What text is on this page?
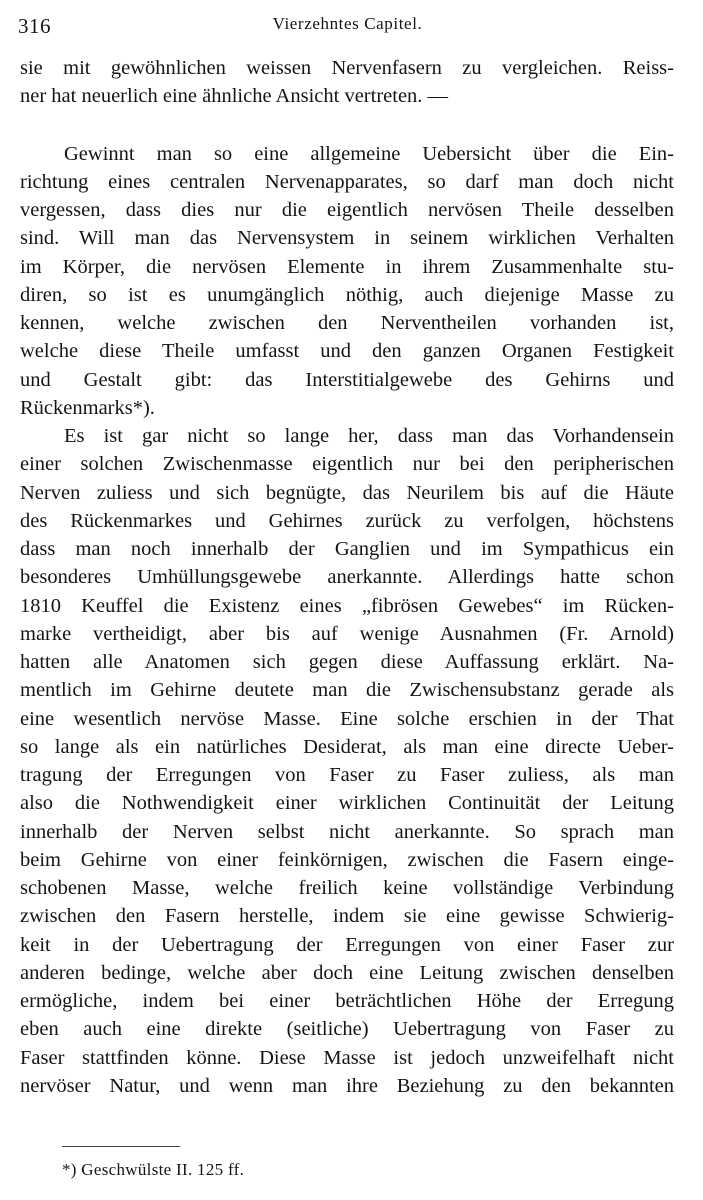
316	Vierzehntes Capitel.
sie mit gewöhnlichen weissen Nervenfasern zu vergleichen. Reiss-
ner hat neuerlich eine ähnliche Ansicht vertreten. —
Gewinnt man so eine allgemeine Uebersicht über die Ein-
richtung eines centralen Nervenapparates, so darf man doch nicht
vergessen, dass dies nur die eigentlich nervösen Theile desselben
sind. Will man das Nervensystem in seinem wirklichen Verhalten
im Körper, die nervösen Elemente in ihrem Zusammenhalte stu-
diren, so ist es unumgänglich nöthig, auch diejenige Masse zu
kennen, welche zwischen den Nerventheilen vorhanden ist,
welche diese Theile umfasst und den ganzen Organen Festigkeit
und Gestalt gibt: das Interstitialgewebe des Gehirns und
Rückenmarks*).
Es ist gar nicht so lange her, dass man das Vorhandensein
einer solchen Zwischenmasse eigentlich nur bei den peripherischen
Nerven zuliess und sich begnügte, das Neurilem bis auf die Häute
des Rückenmarkes und Gehirnes zurück zu verfolgen, höchstens
dass man noch innerhalb der Ganglien und im Sympathicus ein
besonderes Umhüllungsgewebe anerkannte. Allerdings hatte schon
1810 Keuffel die Existenz eines „fibrösen Gewebes“ im Rücken-
marke vertheidigt, aber bis auf wenige Ausnahmen (Fr. Arnold)
hatten alle Anatomen sich gegen diese Auffassung erklärt. Na-
mentlich im Gehirne deutete man die Zwischensubstanz gerade als
eine wesentlich nervöse Masse. Eine solche erschien in der That
so lange als ein natürliches Desiderat, als man eine directe Ueber-
tragung der Erregungen von Faser zu Faser zuliess, als man
also die Nothwendigkeit einer wirklichen Continuität der Leitung
innerhalb der Nerven selbst nicht anerkannte. So sprach man
beim Gehirne von einer feinkörnigen, zwischen die Fasern einge-
schobenen Masse, welche freilich keine vollständige Verbindung
zwischen den Fasern herstelle, indem sie eine gewisse Schwierig-
keit in der Uebertragung der Erregungen von einer Faser zur
anderen bedinge, welche aber doch eine Leitung zwischen denselben
ermögliche, indem bei einer beträchtlichen Höhe der Erregung
eben auch eine direkte (seitliche) Uebertragung von Faser zu
Faser stattfinden könne. Diese Masse ist jedoch unzweifelhaft nicht
nervöser Natur, und wenn man ihre Beziehung zu den bekannten
*) Geschwülste II. 125 ff.
